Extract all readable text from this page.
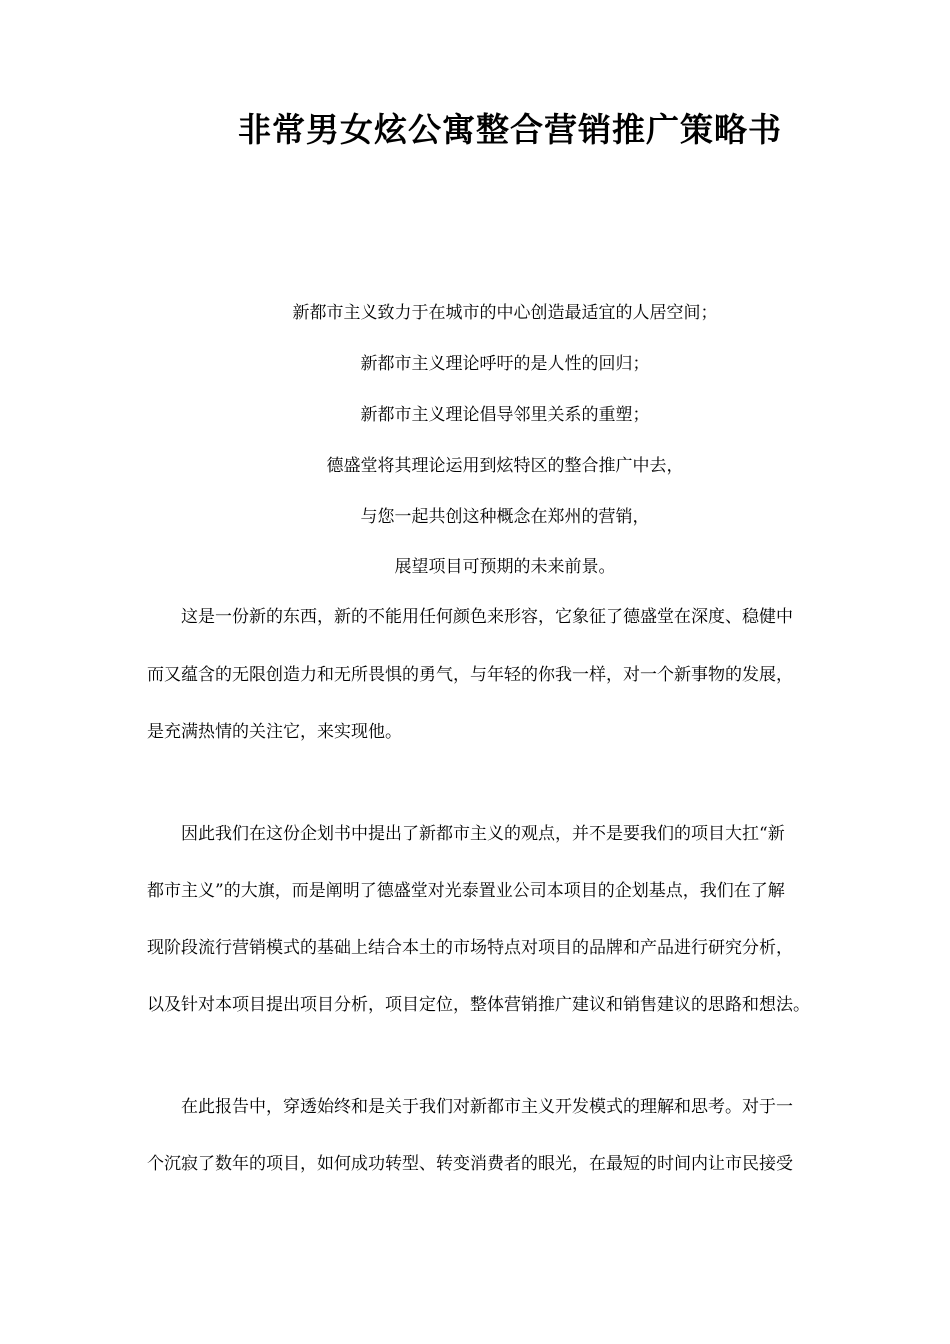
非常男女炫公寓整合营销推广策略书

新都市主义致力于在城市的中心创造最适宜的人居空间；

新都市主义理论呼吁的是人性的回归；

新都市主义理论倡导邻里关系的重塑；

德盛堂将其理论运用到炫特区的整合推广中去，

与您一起共创这种概念在郑州的营销，

展望项目可预期的未来前景。

　　这是一份新的东西，新的不能用任何颜色来形容，它象征了德盛堂在深度、稳健中

而又蕴含的无限创造力和无所畏惧的勇气，与年轻的你我一样，对一个新事物的发展，

是充满热情的关注它，来实现他。

　　因此我们在这份企划书中提出了新都市主义的观点，并不是要我们的项目大扛“新

都市主义”的大旗，而是阐明了德盛堂对光泰置业公司本项目的企划基点，我们在了解

现阶段流行营销模式的基础上结合本土的市场特点对项目的品牌和产品进行研究分析，

以及针对本项目提出项目分析，项目定位，整体营销推广建议和销售建议的思路和想法。

　　在此报告中，穿透始终和是关于我们对新都市主义开发模式的理解和思考。对于一

个沉寂了数年的项目，如何成功转型、转变消费者的眼光，在最短的时间内让市民接受
